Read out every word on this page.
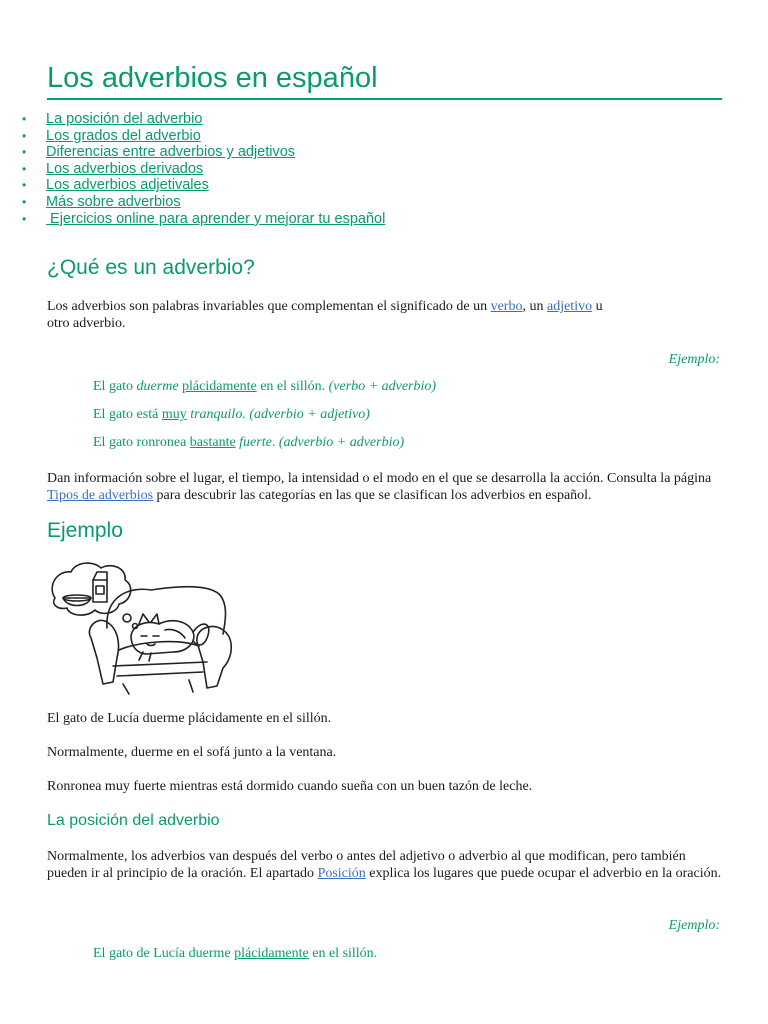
Los adverbios en español
• La posición del adverbio
• Los grados del adverbio
• Diferencias entre adverbios y adjetivos
• Los adverbios derivados
• Los adverbios adjetivales
• Más sobre adverbios
•  Ejercicios online para aprender y mejorar tu español
¿Qué es un adverbio?

Los adverbios son palabras invariables que complementan el significado de un verbo, un adjetivo u
otro adverbio.

Ejemplo:

El gato duerme plácidamente en el sillón. (verbo + adverbio)

El gato está muy tranquilo. (adverbio + adjetivo)

El gato ronronea bastante fuerte. (adverbio + adverbio)

Dan información sobre el lugar, el tiempo, la intensidad o el modo en el que se desarrolla la acción. Consulta la página Tipos de adverbios para descubrir las categorías en las que se clasifican los adverbios en español.

Ejemplo

El gato de Lucía duerme plácidamente en el sillón.

Normalmente, duerme en el sofá junto a la ventana.

Ronronea muy fuerte mientras está dormido cuando sueña con un buen tazón de leche.

La posición del adverbio

Normalmente, los adverbios van después del verbo o antes del adjetivo o adverbio al que modifican, pero también pueden ir al principio de la oración. El apartado Posición explica los lugares que puede ocupar el adverbio en la oración.

Ejemplo:

El gato de Lucía duerme plácidamente en el sillón.
